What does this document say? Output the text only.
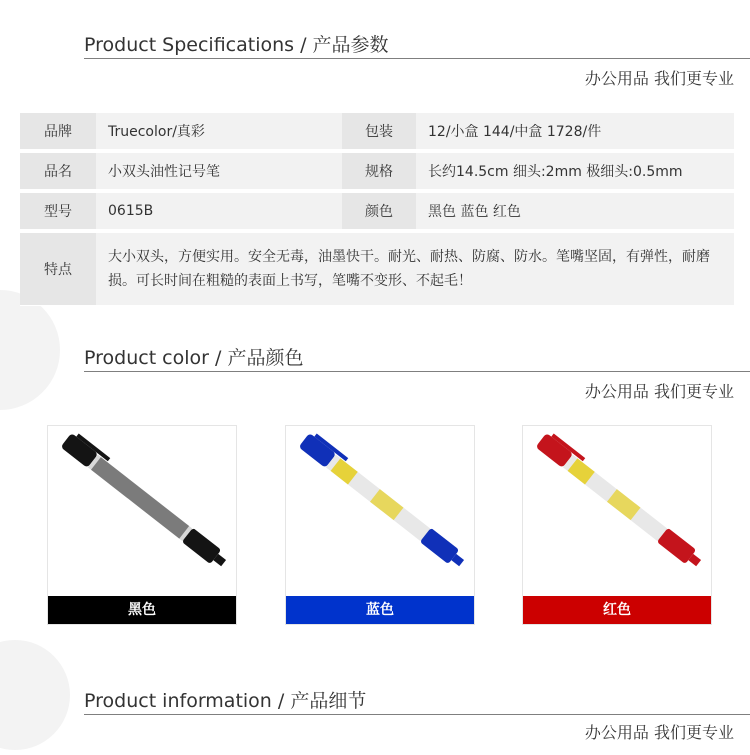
Product Specifications / 产品参数
办公用品 我们更专业
品牌	Truecolor/真彩	包装	12/小盒 144/中盒 1728/件
品名	小双头油性记号笔	规格	长约14.5cm 细头:2mm 极细头:0.5mm
型号	0615B	颜色	黑色 蓝色 红色
特点	大小双头，方便实用。安全无毒，油墨快干。耐光、耐热、防腐、防水。笔嘴坚固，有弹性，耐磨损。可长时间在粗糙的表面上书写，笔嘴不变形、不起毛！		
Product color / 产品颜色
办公用品 我们更专业
黑色	蓝色	红色
Product information / 产品细节
办公用品 我们更专业
